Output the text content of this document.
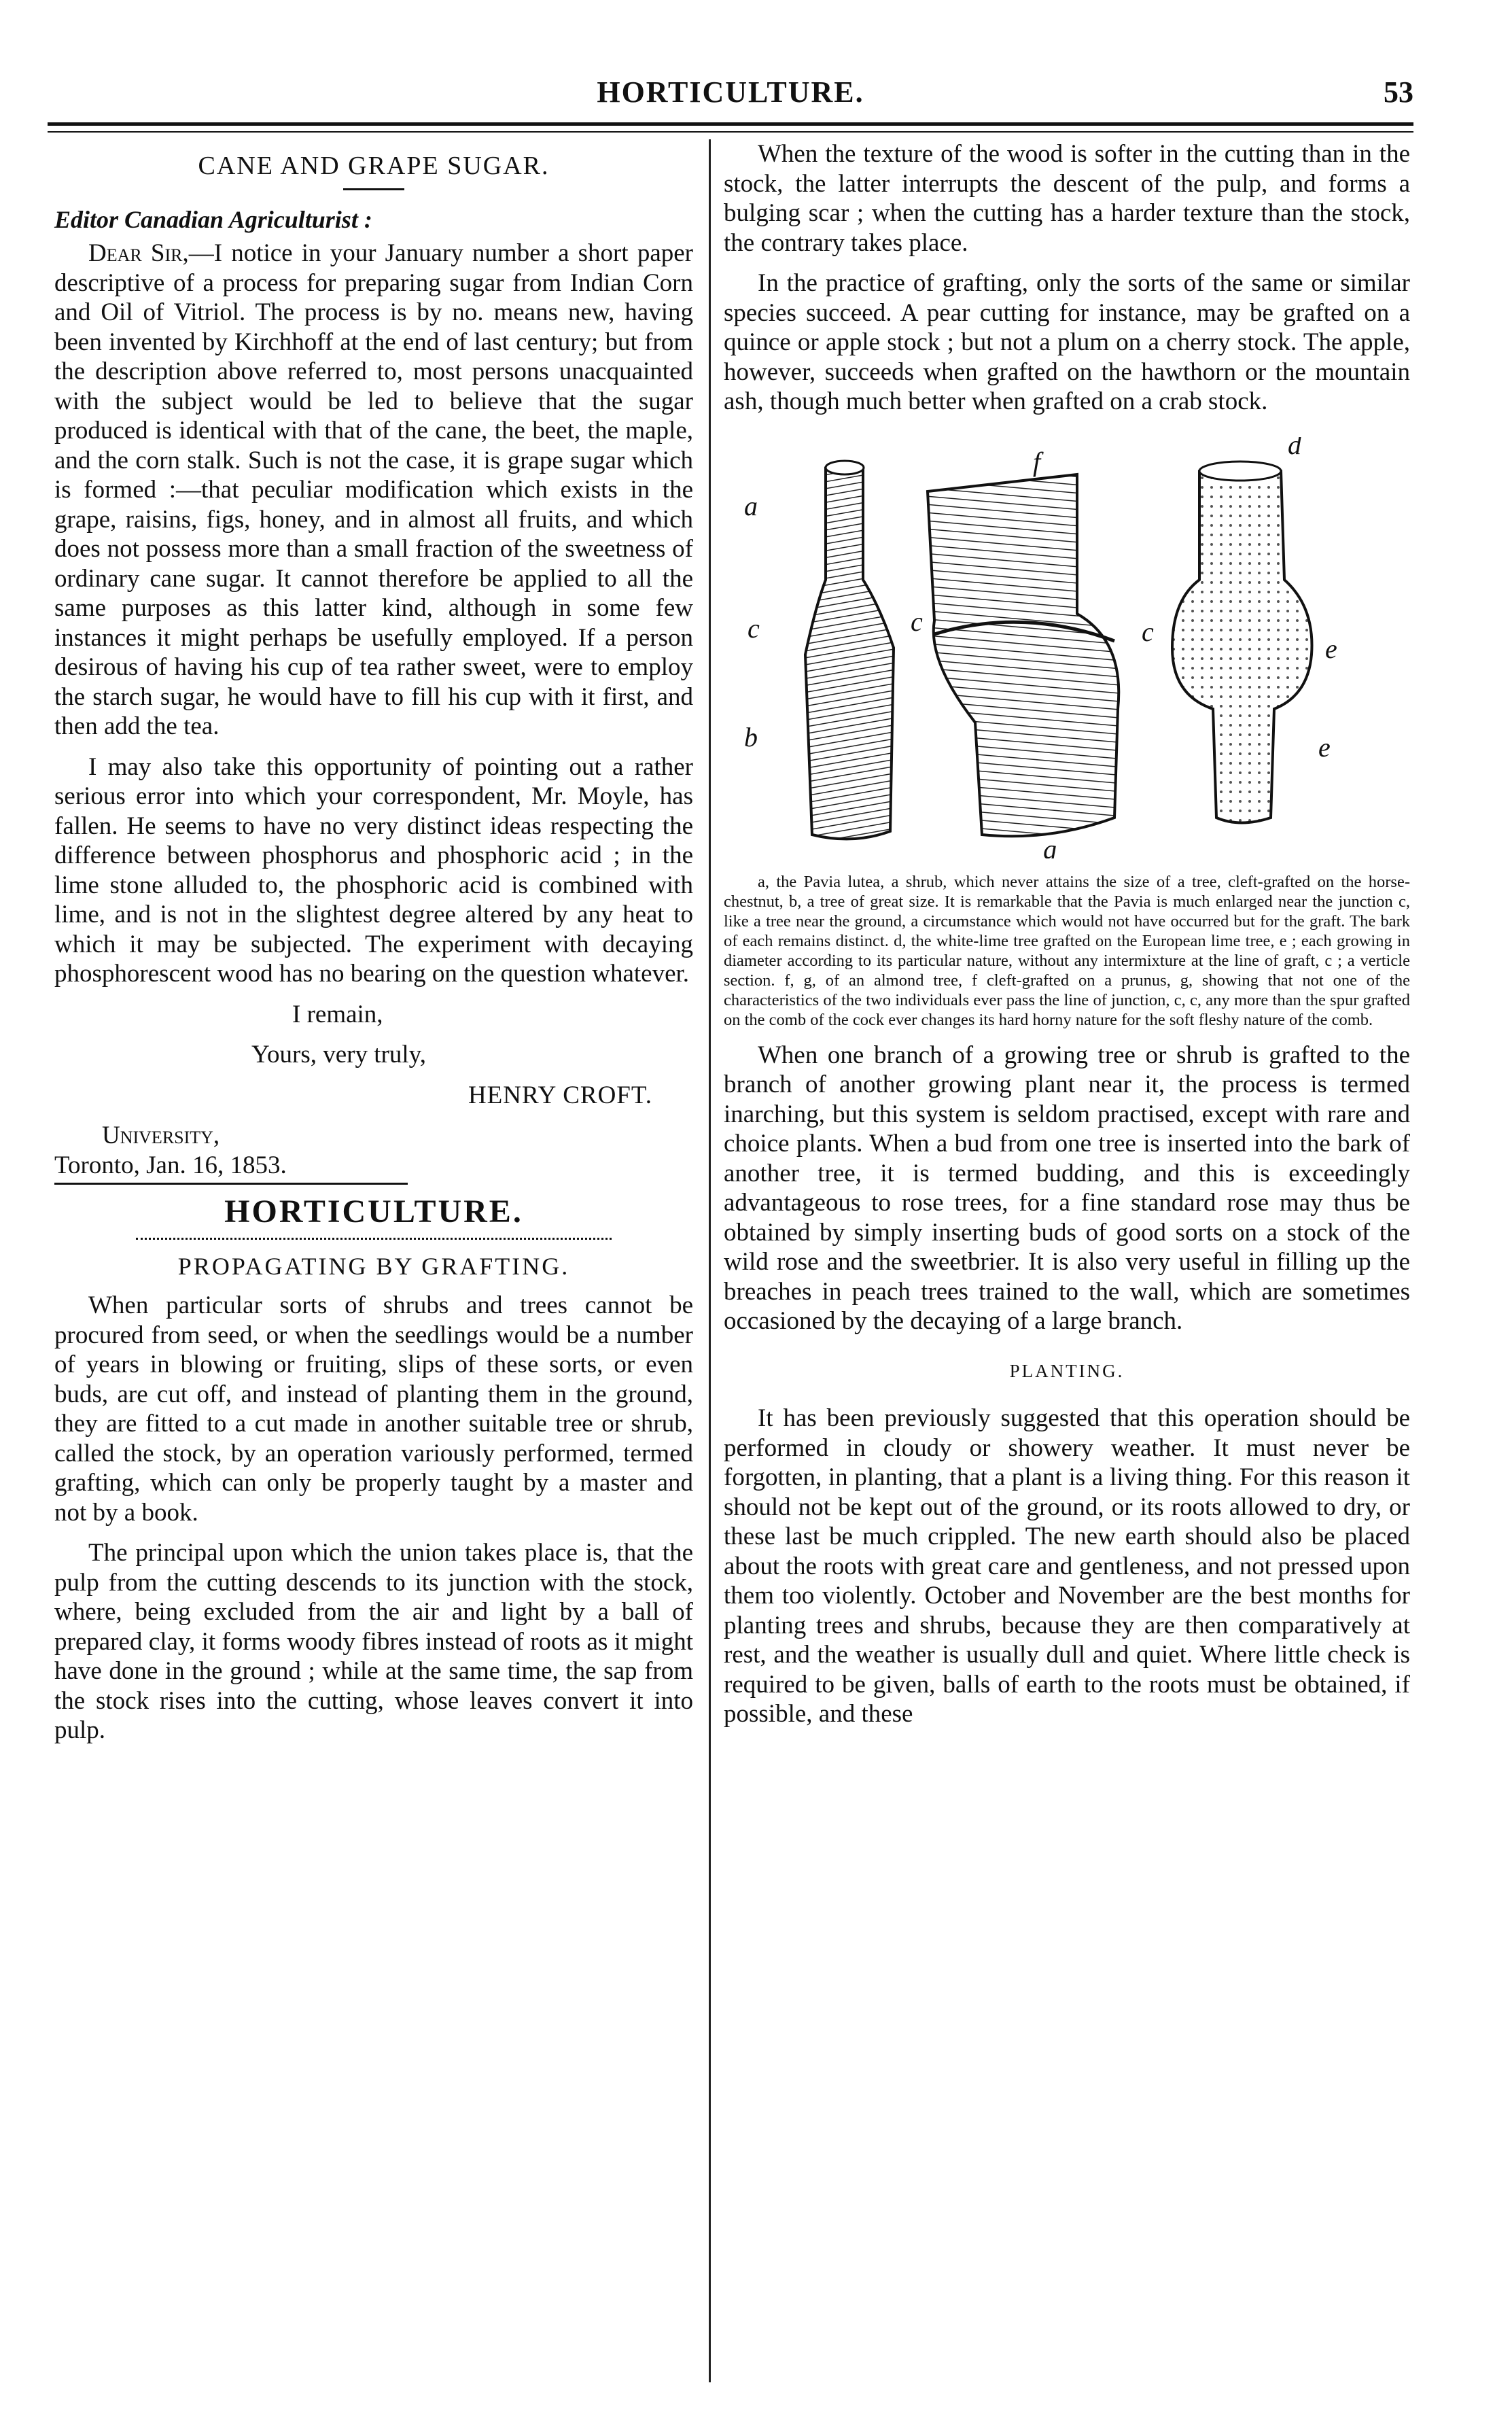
HORTICULTURE.	53
CANE AND GRAPE SUGAR.
Editor Canadian Agriculturist :

Dear Sir,—I notice in your January number a short paper descriptive of a process for preparing sugar from Indian Corn and Oil of Vitriol. The process is by no. means new, having been invented by Kirchhoff at the end of last century; but from the description above referred to, most persons unacquainted with the subject would be led to believe that the sugar produced is identical with that of the cane, the beet, the maple, and the corn stalk. Such is not the case, it is grape sugar which is formed :—that peculiar modification which exists in the grape, raisins, figs, honey, and in almost all fruits, and which does not possess more than a small fraction of the sweetness of ordinary cane sugar. It cannot therefore be applied to all the same purposes as this latter kind, although in some few instances it might perhaps be usefully employed. If a person desirous of having his cup of tea rather sweet, were to employ the starch sugar, he would have to fill his cup with it first, and then add the tea.

I may also take this opportunity of pointing out a rather serious error into which your correspondent, Mr. Moyle, has fallen. He seems to have no very distinct ideas respecting the difference between phosphorus and phosphoric acid ; in the lime stone alluded to, the phosphoric acid is combined with lime, and is not in the slightest degree altered by any heat to which it may be subjected. The experiment with decaying phosphorescent wood has no bearing on the question whatever.

I remain,

Yours, very truly,

HENRY CROFT.

University,
Toronto, Jan. 16, 1853.
HORTICULTURE.
PROPAGATING BY GRAFTING.

When particular sorts of shrubs and trees cannot be procured from seed, or when the seedlings would be a number of years in blowing or fruiting, slips of these sorts, or even buds, are cut off, and instead of planting them in the ground, they are fitted to a cut made in another suitable tree or shrub, called the stock, by an operation variously performed, termed grafting, which can only be properly taught by a master and not by a book.

The principal upon which the union takes place is, that the pulp from the cutting descends to its junction with the stock, where, being excluded from the air and light by a ball of prepared clay, it forms woody fibres instead of roots as it might have done in the ground ; while at the same time, the sap from the stock rises into the cutting, whose leaves convert it into pulp.

When the texture of the wood is softer in the cutting than in the stock, the latter interrupts the descent of the pulp, and forms a bulging scar ; when the cutting has a harder texture than the stock, the contrary takes place.

In the practice of grafting, only the sorts of the same or similar species succeed. A pear cutting for instance, may be grafted on a quince or apple stock ; but not a plum on a cherry stock. The apple, however, succeeds when grafted on the hawthorn or the mountain ash, though much better when grafted on a crab stock.

a
c
b
f
c	c
g
d
e
e

a, the Pavia lutea, a shrub, which never attains the size of a tree, cleft-grafted on the horse-chestnut, b, a tree of great size. It is remarkable that the Pavia is much enlarged near the junction c, like a tree near the ground, a circumstance which would not have occurred but for the graft. The bark of each remains distinct. d, the white-lime tree grafted on the European lime tree, e ; each growing in diameter according to its particular nature, without any intermixture at the line of graft, c ; a verticle section. f, g, of an almond tree, f cleft-grafted on a prunus, g, showing that not one of the characteristics of the two individuals ever pass the line of junction, c, c, any more than the spur grafted on the comb of the cock ever changes its hard horny nature for the soft fleshy nature of the comb.

When one branch of a growing tree or shrub is grafted to the branch of another growing plant near it, the process is termed inarching, but this system is seldom practised, except with rare and choice plants. When a bud from one tree is inserted into the bark of another tree, it is termed budding, and this is exceedingly advantageous to rose trees, for a fine standard rose may thus be obtained by simply inserting buds of good sorts on a stock of the wild rose and the sweetbrier. It is also very useful in filling up the breaches in peach trees trained to the wall, which are sometimes occasioned by the decaying of a large branch.

PLANTING.

It has been previously suggested that this operation should be performed in cloudy or showery weather. It must never be forgotten, in planting, that a plant is a living thing. For this reason it should not be kept out of the ground, or its roots allowed to dry, or these last be much crippled. The new earth should also be placed about the roots with great care and gentleness, and not pressed upon them too violently. October and November are the best months for planting trees and shrubs, because they are then comparatively at rest, and the weather is usually dull and quiet. Where little check is required to be given, balls of earth to the roots must be obtained, if possible, and these
